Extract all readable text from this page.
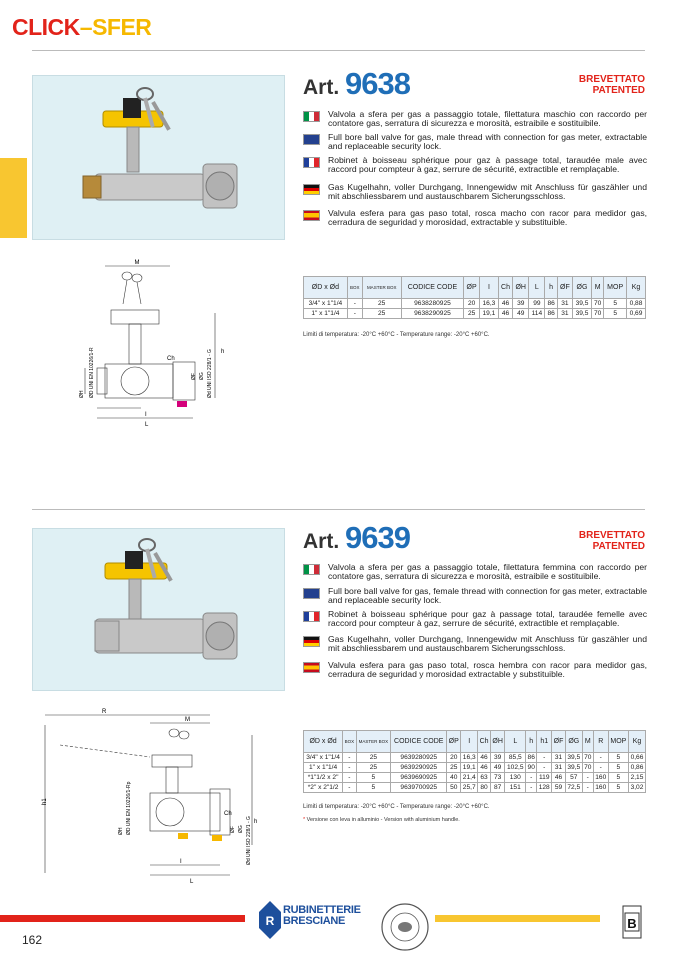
CLICK–SFER
Art. 9638	BREVETTATO
PATENTED
Valvola a sfera per gas a passaggio totale, filettatura maschio con raccordo per contatore gas, serratura di sicurezza e morosità, estraibile e sostituibile.
Full bore ball valve for gas, male thread with connection for gas meter, extractable and replaceable security lock.
Robinet à boisseau sphérique pour gaz à passage total, taraudée male avec raccord pour compteur à gaz, serrure de sécurité, extractible et remplaçable.
Gas Kugelhahn, voller Durchgang, Innengewidw mit Anschluss für gaszähler und mit abschliessbarem und austauschbarem Sicherungsschloss.
Valvula esfera para gas paso total, rosca macho con racor para medidor gas, cerradura de seguridad y morosidad, extractable y substituible.
M
h
Ch
I
L
ØH ØD UNI EN 10226/1-R	ØF ØG Ød UNI ISO 228/1 - G
ØD x Ød	BOX	MASTER BOX	CODICE CODE	ØP	I	Ch	ØH	L	h	ØF	ØG	M	MOP	Kg
3/4" x 1"1/4	-	25	9638280925	20	16,3	46	39	99	86	31	39,5	70	5	0,88
1" x 1"1/4	-	25	9638290925	25	19,1	46	49	114	86	31	39,5	70	5	0,69
Limiti di temperatura: -20°C +60°C - Temperature range: -20°C +60°C.
Art. 9639	BREVETTATO
PATENTED
Valvola a sfera per gas a passaggio totale, filettatura femmina con raccordo per contatore gas, serratura di sicurezza e morosità, estraibile e sostituibile.
Full bore ball valve for gas, female thread with connection for gas meter, extractable and replaceable security lock.
Robinet à boisseau sphérique pour gaz à passage total, taraudée femelle avec raccord pour compteur à gaz, serrure de sécurité, extractible et remplaçable.
Gas Kugelhahn, voller Durchgang, Innengewidw mit Anschluss für gaszähler und mit abschliessbarem und austauschbarem Sicherungsschloss.
Valvula esfera para gas paso total, rosca hembra con racor para medidor gas, cerradura de seguridad y morosidad extractable y substituible.
R
M
h
h1
Ch
I
L
ØH ØD UNI EN 10226/1-Rp	ØF ØG Ød UNI ISO 228/1 - G
ØD x Ød	BOX	MASTER BOX	CODICE CODE	ØP	I	Ch	ØH	L	h	h1	ØF	ØG	M	R	MOP	Kg
3/4" x 1"1/4	-	25	9639280925	20	16,3	46	39	85,5	86	-	31	39,5	70	-	5	0,66
1" x 1"1/4	-	25	9639290925	25	19,1	46	49	102,5	90	-	31	39,5	70	-	5	0,86
*1"1/2 x 2"	-	5	9639690925	40	21,4	63	73	130	-	119	46	57	-	160	5	2,15
*2" x 2"1/2	-	5	9639700925	50	25,7	80	87	151	-	128	59	72,5	-	160	5	3,02
Limiti di temperatura: -20°C +60°C - Temperature range: -20°C +60°C.
* Versione con leva in alluminio - Version with aluminium handle.
162
R
RUBINETTERIE
BRESCIANE	B
